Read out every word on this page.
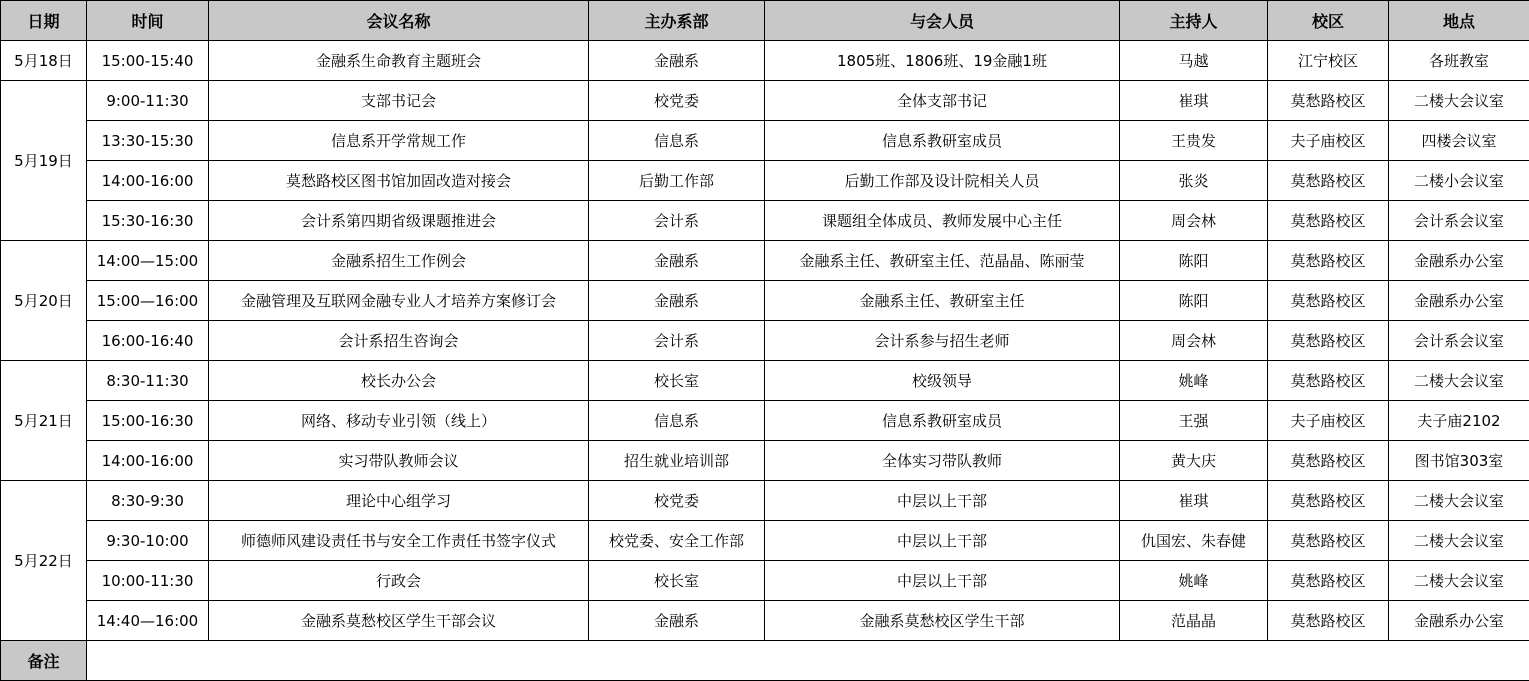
日期	时间	会议名称	主办系部	与会人员	主持人	校区	地点
5月18日	15:00-15:40	金融系生命教育主题班会	金融系	1805班、1806班、19金融1班	马越	江宁校区	各班教室
5月19日	9:00-11:30	支部书记会	校党委	全体支部书记	崔琪	莫愁路校区	二楼大会议室
	13:30-15:30	信息系开学常规工作	信息系	信息系教研室成员	王贵发	夫子庙校区	四楼会议室
	14:00-16:00	莫愁路校区图书馆加固改造对接会	后勤工作部	后勤工作部及设计院相关人员	张炎	莫愁路校区	二楼小会议室
	15:30-16:30	会计系第四期省级课题推进会	会计系	课题组全体成员、教师发展中心主任	周会林	莫愁路校区	会计系会议室
5月20日	14:00—15:00	金融系招生工作例会	金融系	金融系主任、教研室主任、范晶晶、陈丽莹	陈阳	莫愁路校区	金融系办公室
	15:00—16:00	金融管理及互联网金融专业人才培养方案修订会	金融系	金融系主任、教研室主任	陈阳	莫愁路校区	金融系办公室
	16:00-16:40	会计系招生咨询会	会计系	会计系参与招生老师	周会林	莫愁路校区	会计系会议室
5月21日	8:30-11:30	校长办公会	校长室	校级领导	姚峰	莫愁路校区	二楼大会议室
	15:00-16:30	网络、移动专业引领（线上）	信息系	信息系教研室成员	王强	夫子庙校区	夫子庙2102
	14:00-16:00	实习带队教师会议	招生就业培训部	全体实习带队教师	黄大庆	莫愁路校区	图书馆303室
5月22日	8:30-9:30	理论中心组学习	校党委	中层以上干部	崔琪	莫愁路校区	二楼大会议室
	9:30-10:00	师德师风建设责任书与安全工作责任书签字仪式	校党委、安全工作部	中层以上干部	仇国宏、朱春健	莫愁路校区	二楼大会议室
	10:00-11:30	行政会	校长室	中层以上干部	姚峰	莫愁路校区	二楼大会议室
	14:40—16:00	金融系莫愁校区学生干部会议	金融系	金融系莫愁校区学生干部	范晶晶	莫愁路校区	金融系办公室
备注							
